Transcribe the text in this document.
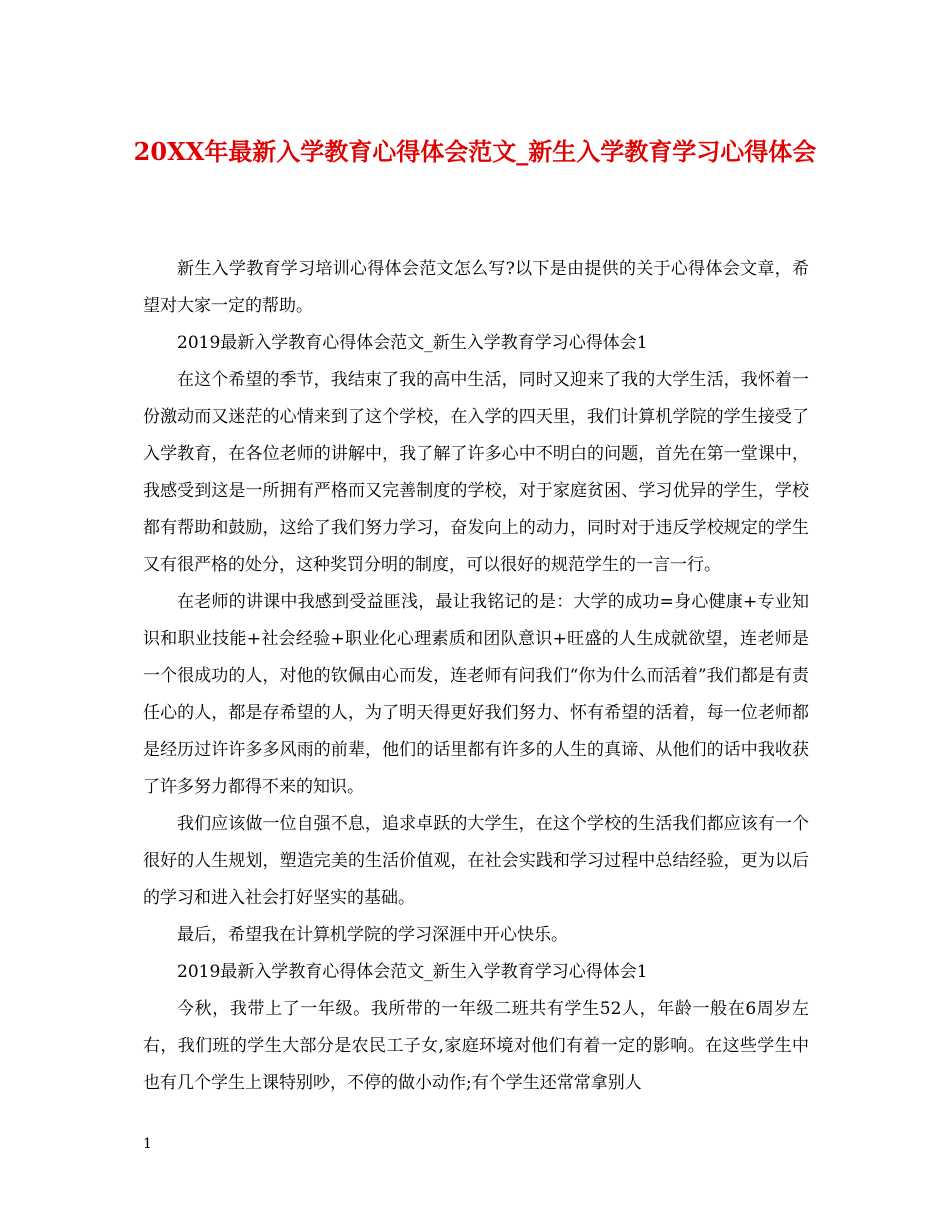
20XX年最新入学教育心得体会范文_新生入学教育学习心得体会

新生入学教育学习培训心得体会范文怎么写?以下是由提供的关于心得体会文章，希望对大家一定的帮助。

2019最新入学教育心得体会范文_新生入学教育学习心得体会1

在这个希望的季节，我结束了我的高中生活，同时又迎来了我的大学生活，我怀着一份激动而又迷茫的心情来到了这个学校，在入学的四天里，我们计算机学院的学生接受了入学教育，在各位老师的讲解中，我了解了许多心中不明白的问题，首先在第一堂课中，我感受到这是一所拥有严格而又完善制度的学校，对于家庭贫困、学习优异的学生，学校都有帮助和鼓励，这给了我们努力学习，奋发向上的动力，同时对于违反学校规定的学生又有很严格的处分，这种奖罚分明的制度，可以很好的规范学生的一言一行。

在老师的讲课中我感到受益匪浅，最让我铭记的是：大学的成功=身心健康+专业知识和职业技能+社会经验+职业化心理素质和团队意识+旺盛的人生成就欲望，连老师是一个很成功的人，对他的钦佩由心而发，连老师有问我们“你为什么而活着”我们都是有责任心的人，都是存希望的人，为了明天得更好我们努力、怀有希望的活着，每一位老师都是经历过许许多多风雨的前辈，他们的话里都有许多的人生的真谛、从他们的话中我收获了许多努力都得不来的知识。

我们应该做一位自强不息，追求卓跃的大学生，在这个学校的生活我们都应该有一个很好的人生规划，塑造完美的生活价值观，在社会实践和学习过程中总结经验，更为以后的学习和进入社会打好坚实的基础。

最后，希望我在计算机学院的学习深涯中开心快乐。

2019最新入学教育心得体会范文_新生入学教育学习心得体会1

今秋，我带上了一年级。我所带的一年级二班共有学生52人，年龄一般在6周岁左右，我们班的学生大部分是农民工子女,家庭环境对他们有着一定的影响。在这些学生中也有几个学生上课特别吵，不停的做小动作;有个学生还常常拿别人

1
